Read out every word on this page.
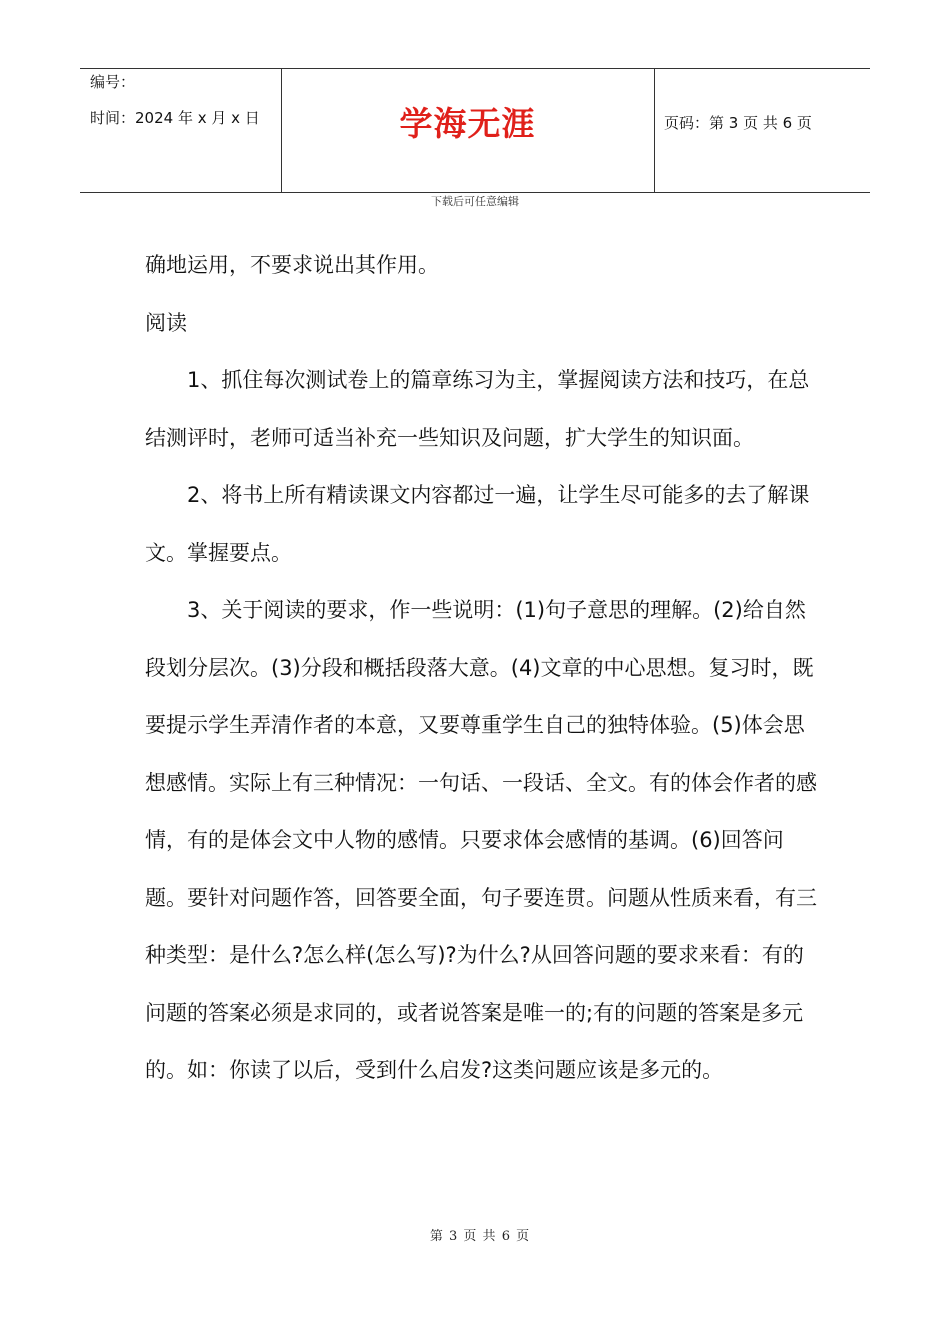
编号：
时间：2024 年 x 月 x 日	学海无涯	页码：第 3 页 共 6 页
下载后可任意编辑

确地运用，不要求说出其作用。

阅读

1、抓住每次测试卷上的篇章练习为主，掌握阅读方法和技巧，在总结测评时，老师可适当补充一些知识及问题，扩大学生的知识面。

2、将书上所有精读课文内容都过一遍，让学生尽可能多的去了解课文。掌握要点。

3、关于阅读的要求，作一些说明：(1)句子意思的理解。(2)给自然段划分层次。(3)分段和概括段落大意。(4)文章的中心思想。复习时，既要提示学生弄清作者的本意，又要尊重学生自己的独特体验。(5)体会思想感情。实际上有三种情况：一句话、一段话、全文。有的体会作者的感情，有的是体会文中人物的感情。只要求体会感情的基调。(6)回答问题。要针对问题作答，回答要全面，句子要连贯。问题从性质来看，有三种类型：是什么?怎么样(怎么写)?为什么?从回答问题的要求来看：有的问题的答案必须是求同的，或者说答案是唯一的;有的问题的答案是多元的。如：你读了以后，受到什么启发?这类问题应该是多元的。

第 3 页 共 6 页
